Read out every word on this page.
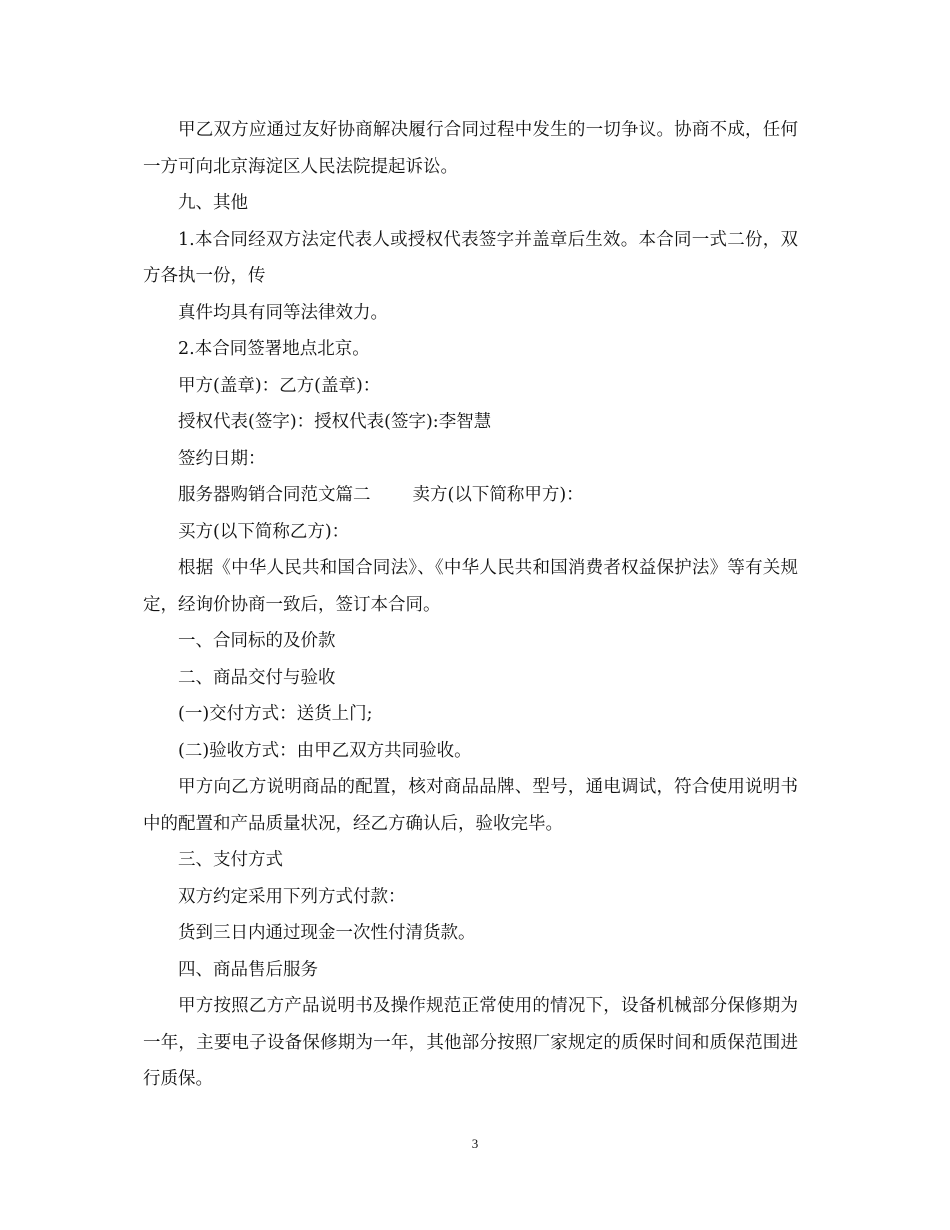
甲乙双方应通过友好协商解决履行合同过程中发生的一切争议。协商不成，任何一方可向北京海淀区人民法院提起诉讼。

九、其他

1.本合同经双方法定代表人或授权代表签字并盖章后生效。本合同一式二份，双方各执一份，传

真件均具有同等法律效力。

2.本合同签署地点北京。

甲方(盖章)：乙方(盖章)：

授权代表(签字)：授权代表(签字):李智慧

签约日期：

服务器购销合同范文篇二 卖方(以下简称甲方)：

买方(以下简称乙方)：

根据《中华人民共和国合同法》、《中华人民共和国消费者权益保护法》等有关规定，经询价协商一致后，签订本合同。

一、合同标的及价款

二、商品交付与验收

(一)交付方式：送货上门;

(二)验收方式：由甲乙双方共同验收。

甲方向乙方说明商品的配置，核对商品品牌、型号，通电调试，符合使用说明书中的配置和产品质量状况，经乙方确认后，验收完毕。

三、支付方式

双方约定采用下列方式付款：

货到三日内通过现金一次性付清货款。

四、商品售后服务

甲方按照乙方产品说明书及操作规范正常使用的情况下，设备机械部分保修期为一年，主要电子设备保修期为一年，其他部分按照厂家规定的质保时间和质保范围进行质保。

3
